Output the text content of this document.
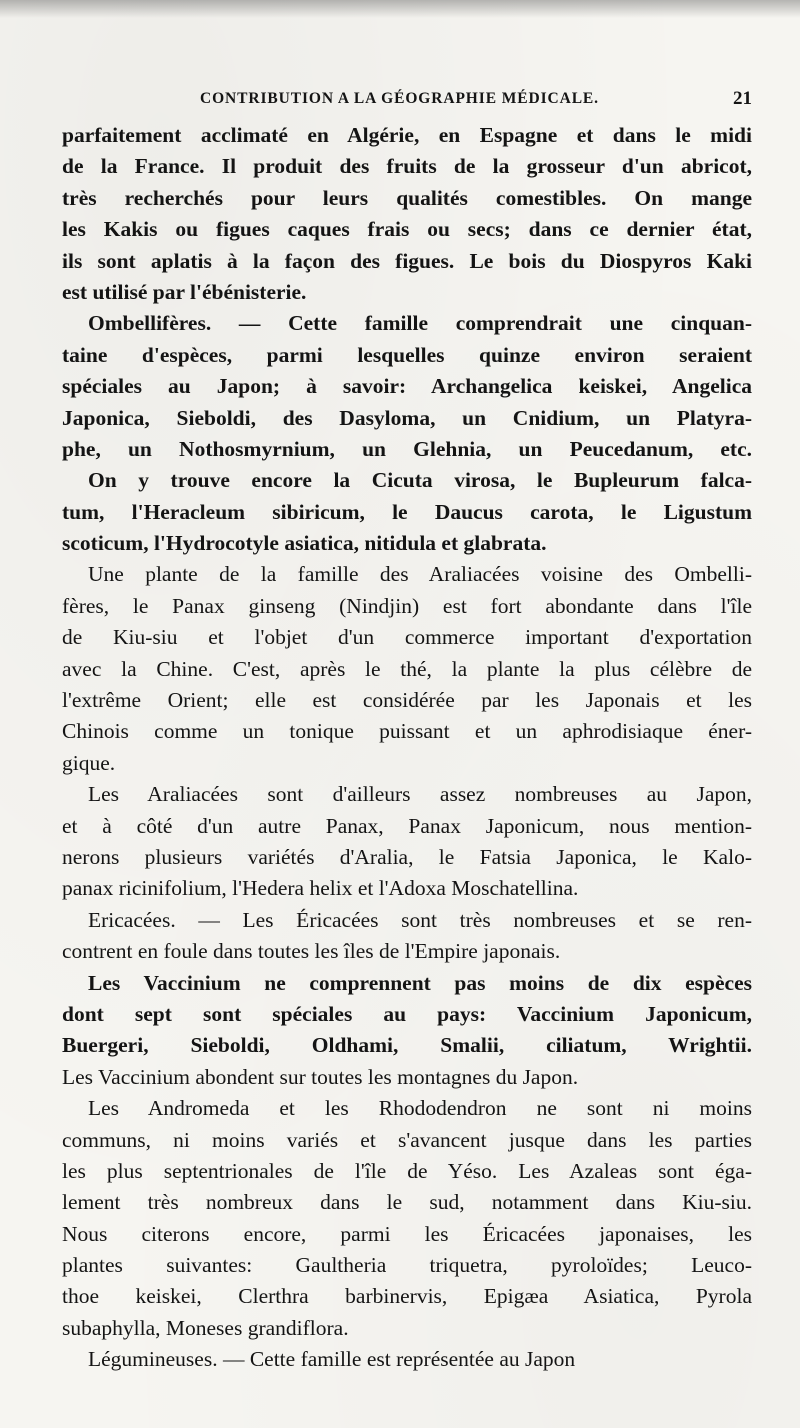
CONTRIBUTION A LA GÉOGRAPHIE MÉDICALE.	21
parfaitement acclimaté en Algérie, en Espagne et dans le midi
de la France. Il produit des fruits de la grosseur d'un abricot,
très recherchés pour leurs qualités comestibles. On mange
les Kakis ou figues caques frais ou secs; dans ce dernier état,
ils sont aplatis à la façon des figues. Le bois du Diospyros Kaki
est utilisé par l'ébénisterie.
Ombellifères. — Cette famille comprendrait une cinquan-
taine d'espèces, parmi lesquelles quinze environ seraient
spéciales au Japon; à savoir: Archangelica keiskei, Angelica
Japonica, Sieboldi, des Dasyloma, un Cnidium, un Platyra-
phe, un Nothosmyrnium, un Glehnia, un Peucedanum, etc.
On y trouve encore la Cicuta virosa, le Bupleurum falca-
tum, l'Heracleum sibiricum, le Daucus carota, le Ligustum
scoticum, l'Hydrocotyle asiatica, nitidula et glabrata.
Une plante de la famille des Araliacées voisine des Ombelli-
fères, le Panax ginseng (Nindjin) est fort abondante dans l'île
de Kiu-siu et l'objet d'un commerce important d'exportation
avec la Chine. C'est, après le thé, la plante la plus célèbre de
l'extrême Orient; elle est considérée par les Japonais et les
Chinois comme un tonique puissant et un aphrodisiaque éner-
gique.
Les Araliacées sont d'ailleurs assez nombreuses au Japon,
et à côté d'un autre Panax, Panax Japonicum, nous mention-
nerons plusieurs variétés d'Aralia, le Fatsia Japonica, le Kalo-
panax ricinifolium, l'Hedera helix et l'Adoxa Moschatellina.
Ericacées. — Les Éricacées sont très nombreuses et se ren-
contrent en foule dans toutes les îles de l'Empire japonais.
Les Vaccinium ne comprennent pas moins de dix espèces
dont sept sont spéciales au pays: Vaccinium Japonicum,
Buergeri, Sieboldi, Oldhami, Smalii, ciliatum, Wrightii.
Les Vaccinium abondent sur toutes les montagnes du Japon.
Les Andromeda et les Rhododendron ne sont ni moins
communs, ni moins variés et s'avancent jusque dans les parties
les plus septentrionales de l'île de Yéso. Les Azaleas sont éga-
lement très nombreux dans le sud, notamment dans Kiu-siu.
Nous citerons encore, parmi les Éricacées japonaises, les
plantes suivantes: Gaultheria triquetra, pyroloïdes; Leuco-
thoe keiskei, Clerthra barbinervis, Epigæa Asiatica, Pyrola
subaphylla, Moneses grandiflora.
Légumineuses. — Cette famille est représentée au Japon
